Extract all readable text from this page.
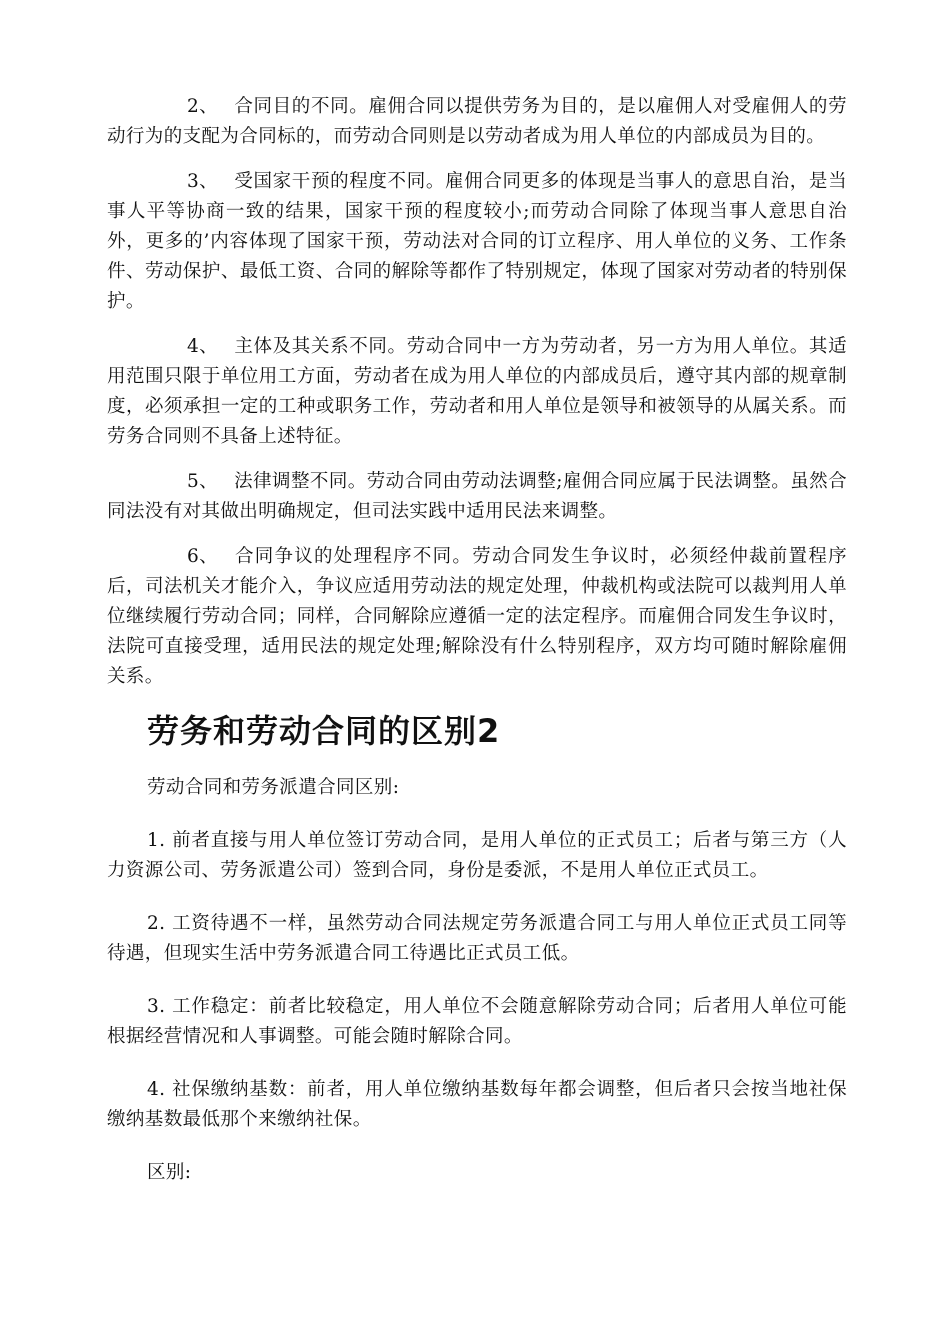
2、 合同目的不同。雇佣合同以提供劳务为目的，是以雇佣人对受雇佣人的劳动行为的支配为合同标的，而劳动合同则是以劳动者成为用人单位的内部成员为目的。

3、 受国家干预的程度不同。雇佣合同更多的体现是当事人的意思自治，是当事人平等协商一致的结果，国家干预的程度较小;而劳动合同除了体现当事人意思自治外，更多的’内容体现了国家干预，劳动法对合同的订立程序、用人单位的义务、工作条件、劳动保护、最低工资、合同的解除等都作了特别规定，体现了国家对劳动者的特别保护。

4、 主体及其关系不同。劳动合同中一方为劳动者，另一方为用人单位。其适用范围只限于单位用工方面，劳动者在成为用人单位的内部成员后，遵守其内部的规章制度，必须承担一定的工种或职务工作，劳动者和用人单位是领导和被领导的从属关系。而劳务合同则不具备上述特征。

5、 法律调整不同。劳动合同由劳动法调整;雇佣合同应属于民法调整。虽然合同法没有对其做出明确规定，但司法实践中适用民法来调整。

6、 合同争议的处理程序不同。劳动合同发生争议时，必须经仲裁前置程序后，司法机关才能介入，争议应适用劳动法的规定处理，仲裁机构或法院可以裁判用人单位继续履行劳动合同；同样，合同解除应遵循一定的法定程序。而雇佣合同发生争议时，法院可直接受理，适用民法的规定处理;解除没有什么特别程序，双方均可随时解除雇佣关系。

劳务和劳动合同的区别2

劳动合同和劳务派遣合同区别:

1. 前者直接与用人单位签订劳动合同，是用人单位的正式员工；后者与第三方（人力资源公司、劳务派遣公司）签到合同，身份是委派，不是用人单位正式员工。

2. 工资待遇不一样，虽然劳动合同法规定劳务派遣合同工与用人单位正式员工同等待遇，但现实生活中劳务派遣合同工待遇比正式员工低。

3. 工作稳定：前者比较稳定，用人单位不会随意解除劳动合同；后者用人单位可能根据经营情况和人事调整。可能会随时解除合同。

4. 社保缴纳基数：前者，用人单位缴纳基数每年都会调整，但后者只会按当地社保缴纳基数最低那个来缴纳社保。

区别:
